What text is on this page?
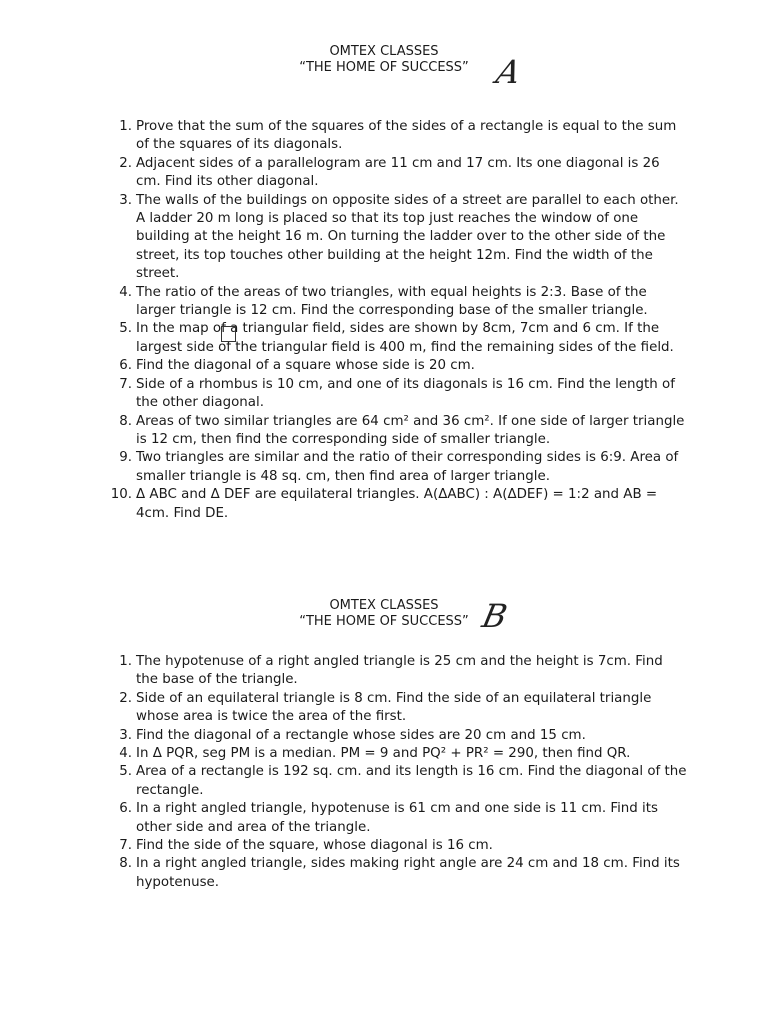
OMTEX CLASSES
“THE HOME OF SUCCESS” A
1. Prove that the sum of the squares of the sides of a rectangle is equal to the sum of the squares of its diagonals.
2. Adjacent sides of a parallelogram are 11 cm and 17 cm. Its one diagonal is 26 cm. Find its other diagonal.
3. The walls of the buildings on opposite sides of a street are parallel to each other. A ladder 20 m long is placed so that its top just reaches the window of one building at the height 16 m. On turning the ladder over to the other side of the street, its top touches other building at the height 12m. Find the width of the street.
4. The ratio of the areas of two triangles, with equal heights is 2:3. Base of the larger triangle is 12 cm. Find the corresponding base of the smaller triangle.
5. In the map of a triangular field, sides are shown by 8cm, 7cm and 6 cm. If the largest side of the triangular field is 400 m, find the remaining sides of the field.
6. Find the diagonal of a square whose side is 20 cm.
7. Side of a rhombus is 10 cm, and one of its diagonals is 16 cm. Find the length of the other diagonal.
8. Areas of two similar triangles are 64 cm² and 36 cm². If one side of larger triangle is 12 cm, then find the corresponding side of smaller triangle.
9. Two triangles are similar and the ratio of their corresponding sides is 6:9. Area of smaller triangle is 48 sq. cm, then find area of larger triangle.
10. Δ ABC and Δ DEF are equilateral triangles. A(ΔABC) : A(ΔDEF) = 1:2 and AB = 4cm. Find DE.
OMTEX CLASSES
“THE HOME OF SUCCESS” B
1. The hypotenuse of a right angled triangle is 25 cm and the height is 7cm. Find the base of the triangle.
2. Side of an equilateral triangle is 8 cm. Find the side of an equilateral triangle whose area is twice the area of the first.
3. Find the diagonal of a rectangle whose sides are 20 cm and 15 cm.
4. In Δ PQR, seg PM is a median. PM = 9 and PQ² + PR² = 290, then find QR.
5. Area of a rectangle is 192 sq. cm. and its length is 16 cm. Find the diagonal of the rectangle.
6. In a right angled triangle, hypotenuse is 61 cm and one side is 11 cm. Find its other side and area of the triangle.
7. Find the side of the square, whose diagonal is 16 cm.
8. In a right angled triangle, sides making right angle are 24 cm and 18 cm. Find its hypotenuse.
